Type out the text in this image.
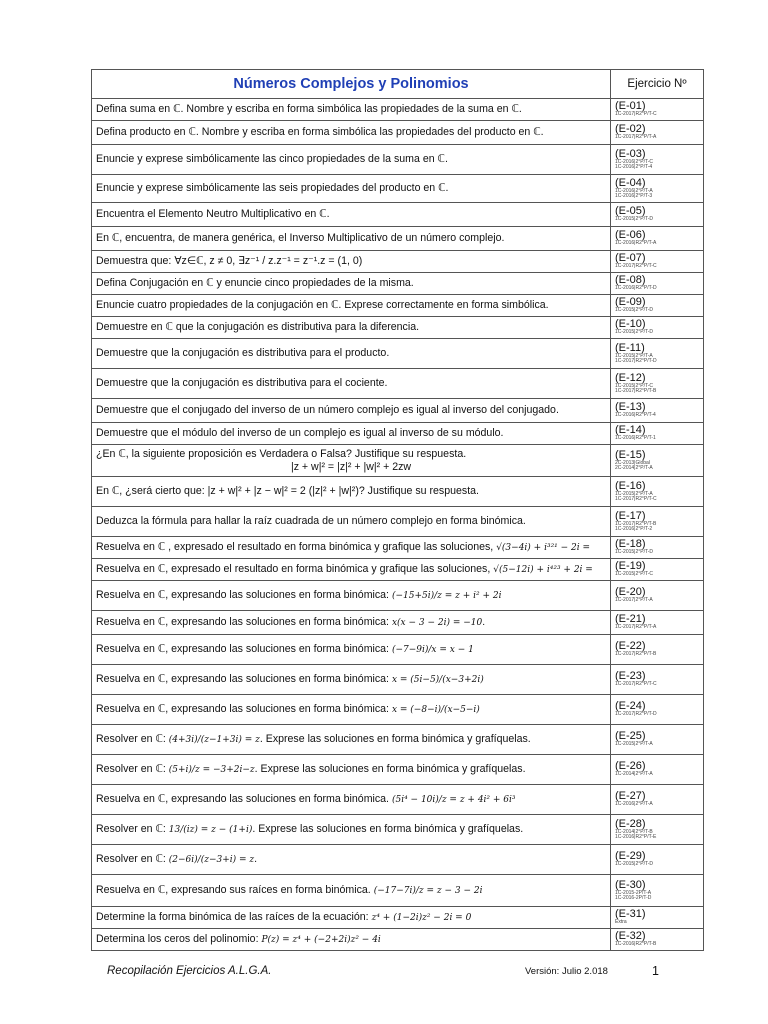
Números Complejos y Polinomios	Ejercicio Nº
Defina suma en ℂ. Nombre y escriba en forma simbólica las propiedades de la suma en ℂ.	(E-01)
1C-2017|R2°P/T-C

Defina producto en ℂ. Nombre y escriba en forma simbólica las propiedades del producto en ℂ.	(E-02)
1C-2017|R2°P/T-A

Enuncie y exprese simbólicamente las cinco propiedades de la suma en ℂ.	(E-03)
1C-2016|2°P/T-C
1C-2016|2°P/T-4

Enuncie y exprese simbólicamente las seis propiedades del producto en ℂ.	(E-04)
1C-2016|2°P/T-A
1C-2016|2°P/T-3

Encuentra el Elemento Neutro Multiplicativo en ℂ.	(E-05)
1C-2015|2°P/T-D

En ℂ, encuentra, de manera genérica, el Inverso Multiplicativo de un número complejo.	(E-06)
1C-2016|R2°P/T-A

Demuestra que: ∀z∈ℂ, z ≠ 0, ∃z⁻¹ / z.z⁻¹ = z⁻¹.z = (1, 0)	(E-07)
1C-2017|R2°P/T-C

Defina Conjugación en ℂ y enuncie cinco propiedades de la misma.	(E-08)
1C-2016|R2°P/T-D

Enuncie cuatro propiedades de la conjugación en ℂ. Exprese correctamente en forma simbólica.	(E-09)
1C-2015|2°P/T-D

Demuestre en ℂ que la conjugación es distributiva para la diferencia.	(E-10)
1C-2015|2°P/T-D

Demuestre que la conjugación es distributiva para el producto.	(E-11)
1C-2015|2°P/T-A
1C-2017|R2°P/T-D

Demuestre que la conjugación es distributiva para el cociente.	(E-12)
1C-2015|2°P/T-C
1C-2017|R2°P/T-B

Demuestre que el conjugado del inverso de un número complejo es igual al inverso del conjugado.	(E-13)
1C-2016|R2°P/T-4

Demuestre que el módulo del inverso de un complejo es igual al inverso de su módulo.	(E-14)
1C-2016|R2°P/T-1

¿En ℂ, la siguiente proposición es Verdadera o Falsa? Justifique su respuesta.
|z + w|² = |z|² + |w|² + 2zw	(E-15)
2C-2013|Global
2C-2014|2°P/T-A

En ℂ, ¿será cierto que: |z + w|² + |z − w|² = 2 (|z|² + |w|²)? Justifique su respuesta.	(E-16)
1C-2015|2°P/T-A
1C-2017|R2°P/T-C

Deduzca la fórmula para hallar la raíz cuadrada de un número complejo en forma binómica.	(E-17)
1C-2017|R2°P/T-B
1C-2016|2°P/T-2

Resuelva en ℂ , expresado el resultado en forma binómica y grafique las soluciones, √(3−4i) + i³²¹ − 2i =	(E-18)
1C-2015|2°P/T-D

Resuelva en ℂ, expresado el resultado en forma binómica y grafique las soluciones, √(5−12i) + i⁴²³ + 2i =	(E-19)
1C-2015|2°P/T-C

Resuelva en ℂ, expresando las soluciones en forma binómica: (−15+5i)/z = z + i² + 2i	(E-20)
1C-2017|2°P/T-A

Resuelva en ℂ, expresando las soluciones en forma binómica: x(x − 3 − 2i) = −10.	(E-21)
1C-2017|R2°P/T-A

Resuelva en ℂ, expresando las soluciones en forma binómica: (−7−9i)/x = x − 1	(E-22)
1C-2017|R2°P/T-B

Resuelva en ℂ, expresando las soluciones en forma binómica: x = (5i−5)/(x−3+2i)	(E-23)
1C-2017|R2°P/T-C

Resuelva en ℂ, expresando las soluciones en forma binómica: x = (−8−i)/(x−5−i)	(E-24)
1C-2017|R2°P/T-D

Resolver en ℂ: (4+3i)/(z−1+3i) = z. Exprese las soluciones en forma binómica y grafíquelas.	(E-25)
1C-2015|2°P/T-A

Resolver en ℂ: (5+i)/z = −3+2i−z. Exprese las soluciones en forma binómica y grafíquelas.	(E-26)
1C-2014|2°P/T-A

Resuelva en ℂ, expresando las soluciones en forma binómica. (5i⁴ − 10i)/z = z + 4i² + 6i³	(E-27)
1C-2016|2°P/T-A

Resolver en ℂ: 13/(iz) = z − (1+i). Exprese las soluciones en forma binómica y grafíquelas.	(E-28)
1C-2014|2°P/T-B
1C-2016|R2°P/T-E

Resolver en ℂ: (2−6i)/(z−3+i) = z.	(E-29)
1C-2015|2°P/T-D

Resuelva en ℂ, expresando sus raíces en forma binómica. (−17−7i)/z = z − 3 − 2i	(E-30)
1C-2015-2P/T-A
1C-2016-2P/T-D

Determine la forma binómica de las raíces de la ecuación: z⁴ + (1−2i)z² − 2i = 0	(E-31)
Extra

Determina los ceros del polinomio: P(z) = z⁴ + (−2+2i)z² − 4i	(E-32)
1C-2016|R2°P/T-B
Recopilación Ejercicios A.L.G.A.	Versión: Julio 2.018	1
